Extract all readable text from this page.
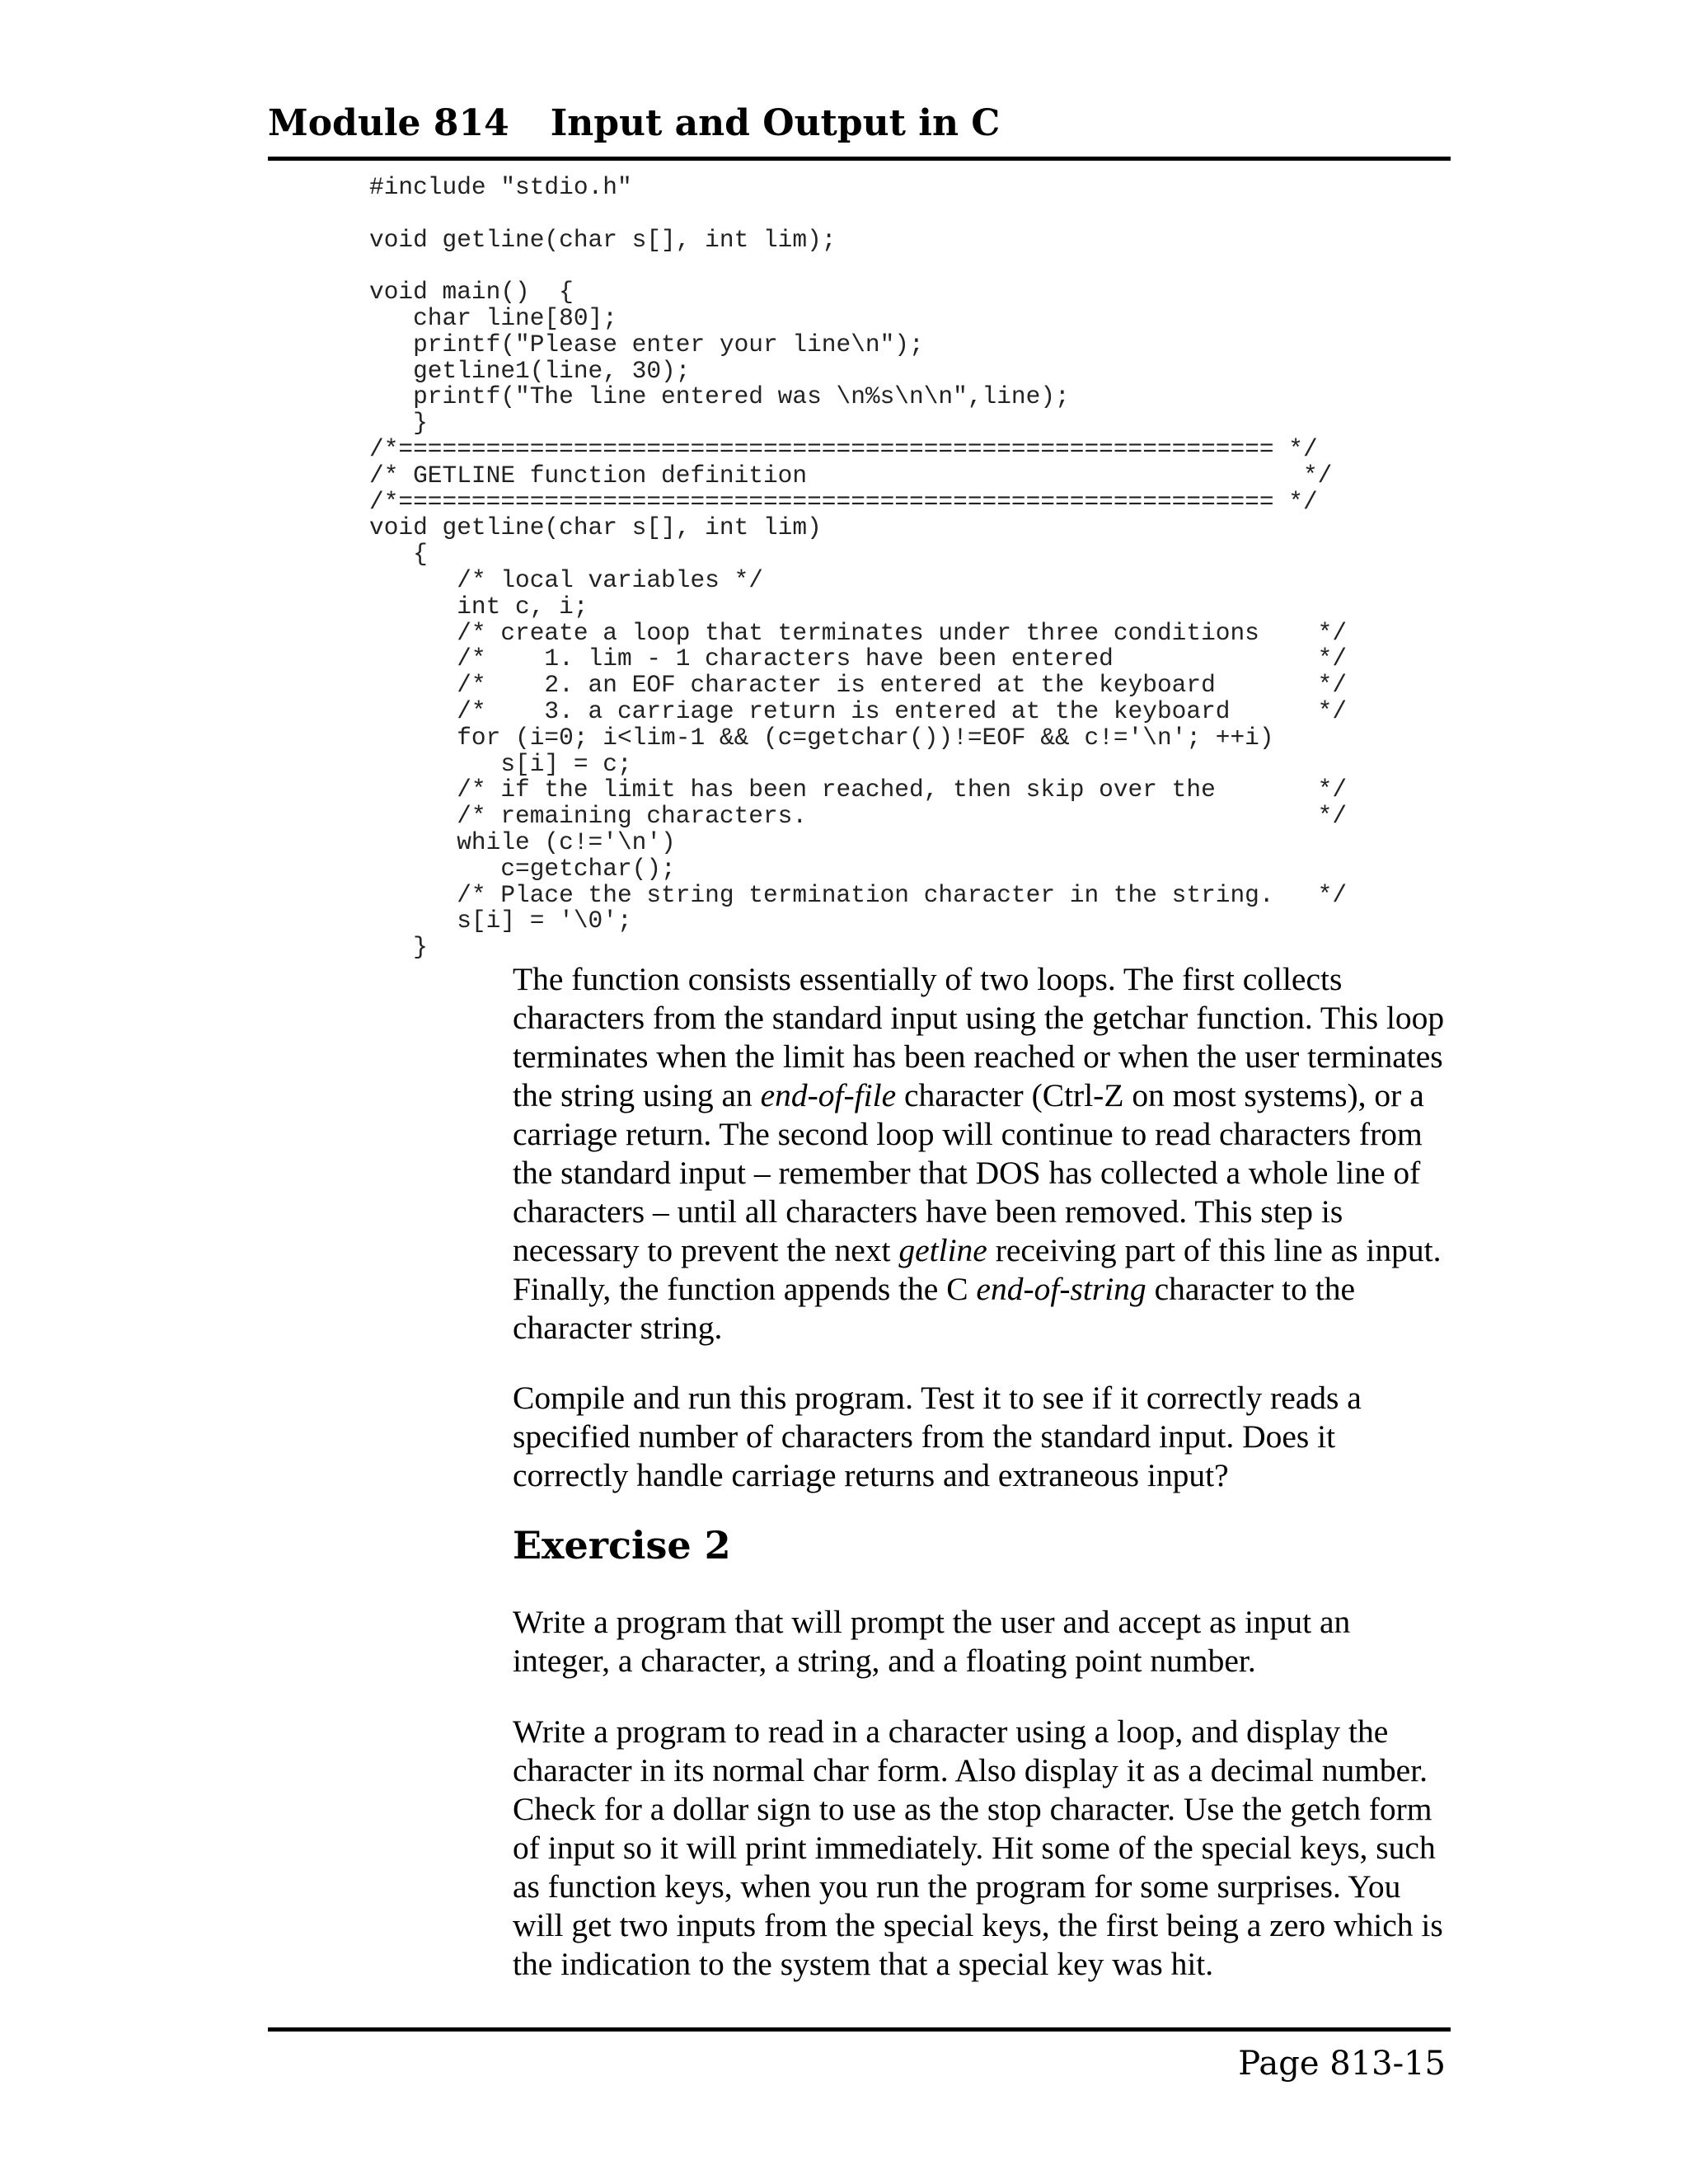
Module 814 Input and Output in C
#include "stdio.h"

void getline(char s[], int lim);

void main()  {
char line[80];
printf("Please enter your line\n");
getline1(line, 30);
printf("The line entered was \n%s\n\n",line);
}
/*============================================================ */
/* GETLINE function definition                                  */
/*============================================================ */
void getline(char s[], int lim)
{
/* local variables */
int c, i;
/* create a loop that terminates under three conditions    */
/*    1. lim - 1 characters have been entered              */
/*    2. an EOF character is entered at the keyboard       */
/*    3. a carriage return is entered at the keyboard      */
for (i=0; i<lim-1 && (c=getchar())!=EOF && c!='\n'; ++i)
s[i] = c;
/* if the limit has been reached, then skip over the       */
/* remaining characters.                                   */
while (c!='\n')
c=getchar();
/* Place the string termination character in the string.   */
s[i] = '\0';
}

The function consists essentially of two loops. The first collects characters from the standard input using the getchar function. This loop terminates when the limit has been reached or when the user terminates the string using an end-of-file character (Ctrl-Z on most systems), or a carriage return. The second loop will continue to read characters from the standard input – remember that DOS has collected a whole line of characters – until all characters have been removed. This step is necessary to prevent the next getline receiving part of this line as input. Finally, the function appends the C end-of-string character to the character string.

Compile and run this program. Test it to see if it correctly reads a specified number of characters from the standard input. Does it correctly handle carriage returns and extraneous input?

Exercise 2

Write a program that will prompt the user and accept as input an integer, a character, a string, and a floating point number.

Write a program to read in a character using a loop, and display the character in its normal char form. Also display it as a decimal number. Check for a dollar sign to use as the stop character. Use the getch form of input so it will print immediately. Hit some of the special keys, such as function keys, when you run the program for some surprises. You will get two inputs from the special keys, the first being a zero which is the indication to the system that a special key was hit.

Page 813-15
